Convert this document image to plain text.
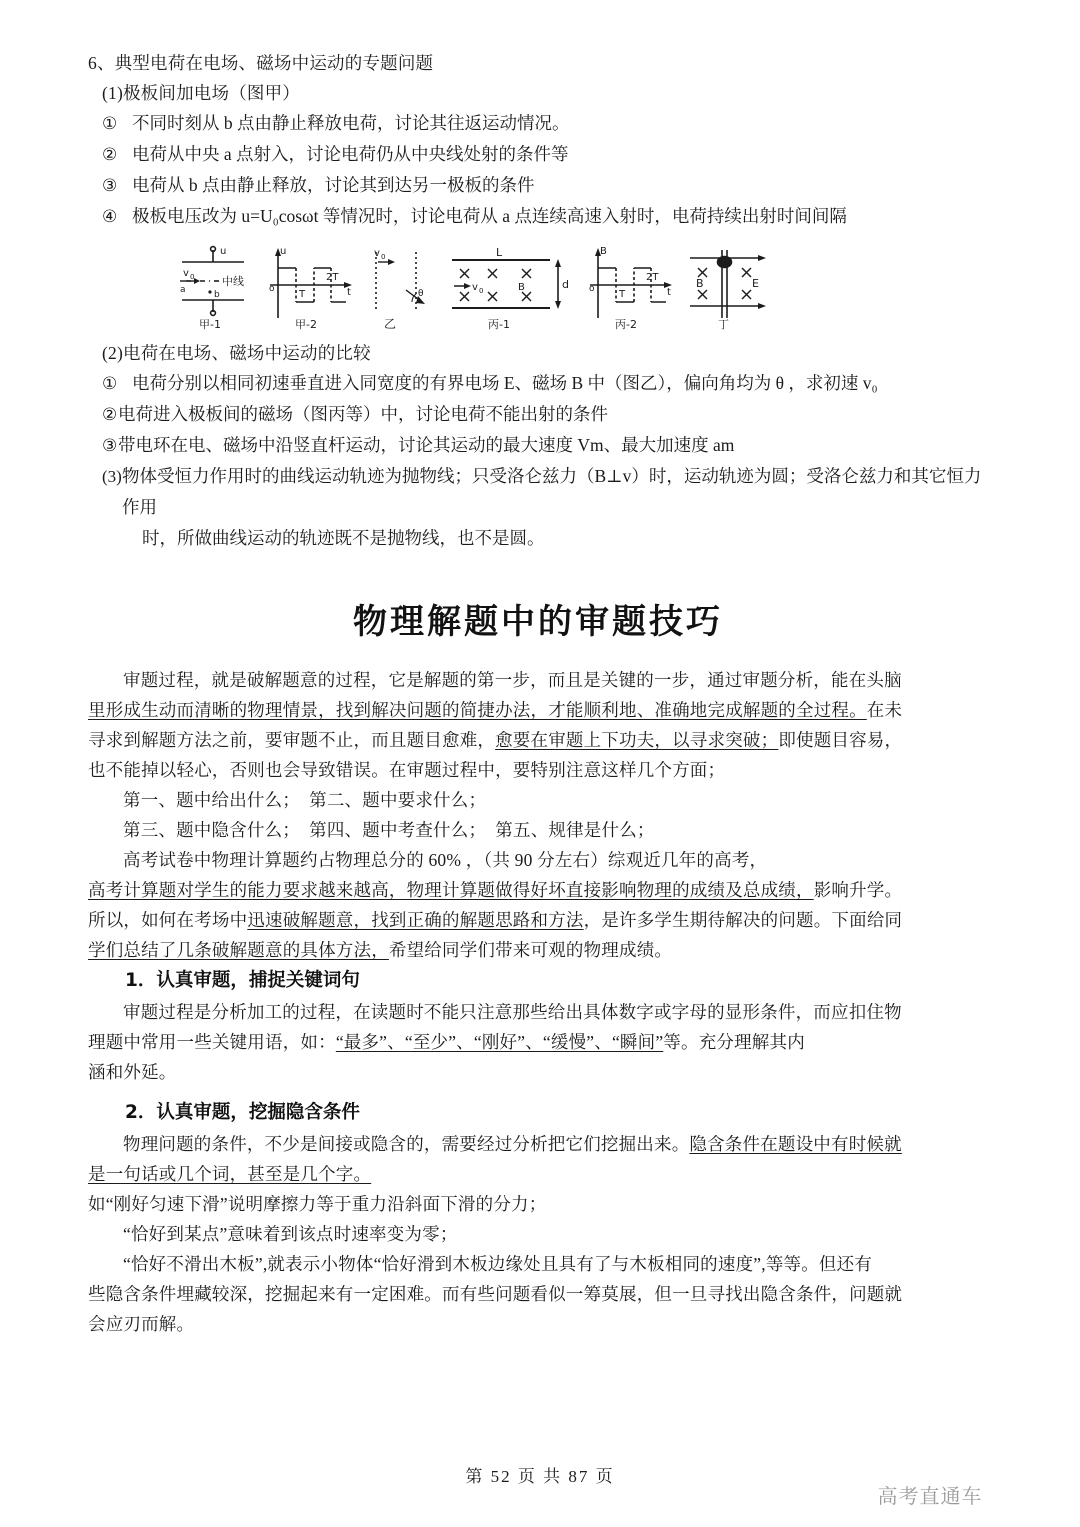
6、典型电荷在电场、磁场中运动的专题问题
(1)极板间加电场（图甲）
① 不同时刻从 b 点由静止释放电荷，讨论其往返运动情况。
② 电荷从中央 a 点射入，讨论电荷仍从中央线处射的条件等
③ 电荷从 b 点由静止释放，讨论其到达另一极板的条件
④ 极板电压改为 u=U₀cosωt 等情况时，讨论电荷从 a 点连续高速入射时，电荷持续出射时间间隔
u
v 0
a	b
中线
甲-1
u
o T
2T
t
甲-2
v 0
θ
乙
L
v 0	B	d
丙-1
B
o T
2T
t
丙-2
B	E
丁
(2)电荷在电场、磁场中运动的比较
① 电荷分别以相同初速垂直进入同宽度的有界电场 E、磁场 B 中（图乙），偏向角均为 θ ，求初速 v₀
② 电荷进入极板间的磁场（图丙等）中，讨论电荷不能出射的条件
③ 带电环在电、磁场中沿竖直杆运动，讨论其运动的最大速度 Vm、最大加速度 am
(3) 物体受恒力作用时的曲线运动轨迹为抛物线；只受洛仑兹力（B⊥v）时，运动轨迹为圆；受洛仑兹力和其它恒力作用
时，所做曲线运动的轨迹既不是抛物线，也不是圆。
物理解题中的审题技巧
审题过程，就是破解题意的过程，它是解题的第一步，而且是关键的一步，通过审题分析，能在头脑
里形成生动而清晰的物理情景，找到解决问题的简捷办法，才能顺利地、准确地完成解题的全过程。在未
寻求到解题方法之前，要审题不止，而且题目愈难，愈要在审题上下功夫，以寻求突破；即使题目容易，
也不能掉以轻心，否则也会导致错误。在审题过程中，要特别注意这样几个方面；
第一、题中给出什么；  第二、题中要求什么；
第三、题中隐含什么；  第四、题中考查什么；  第五、规律是什么；
高考试卷中物理计算题约占物理总分的 60% ，（共 90 分左右）综观近几年的高考，
高考计算题对学生的能力要求越来越高，物理计算题做得好坏直接影响物理的成绩及总成绩，影响升学。
所以，如何在考场中迅速破解题意，找到正确的解题思路和方法，是许多学生期待解决的问题。下面给同
学们总结了几条破解题意的具体方法，希望给同学们带来可观的物理成绩。
1．认真审题，捕捉关键词句
审题过程是分析加工的过程，在读题时不能只注意那些给出具体数字或字母的显形条件，而应扣住物
理题中常用一些关键用语，如：“最多”、“至少”、“刚好”、“缓慢”、“瞬间”等。充分理解其内
涵和外延。
2．认真审题，挖掘隐含条件
物理问题的条件，不少是间接或隐含的，需要经过分析把它们挖掘出来。隐含条件在题设中有时候就
是一句话或几个词，甚至是几个字。
如“刚好匀速下滑”说明摩擦力等于重力沿斜面下滑的分力；
“恰好到某点”意味着到该点时速率变为零；
“恰好不滑出木板”,就表示小物体“恰好滑到木板边缘处且具有了与木板相同的速度”,等等。但还有
些隐含条件埋藏较深，挖掘起来有一定困难。而有些问题看似一筹莫展，但一旦寻找出隐含条件，问题就
会应刃而解。
第 52 页 共 87 页
高考直通车
